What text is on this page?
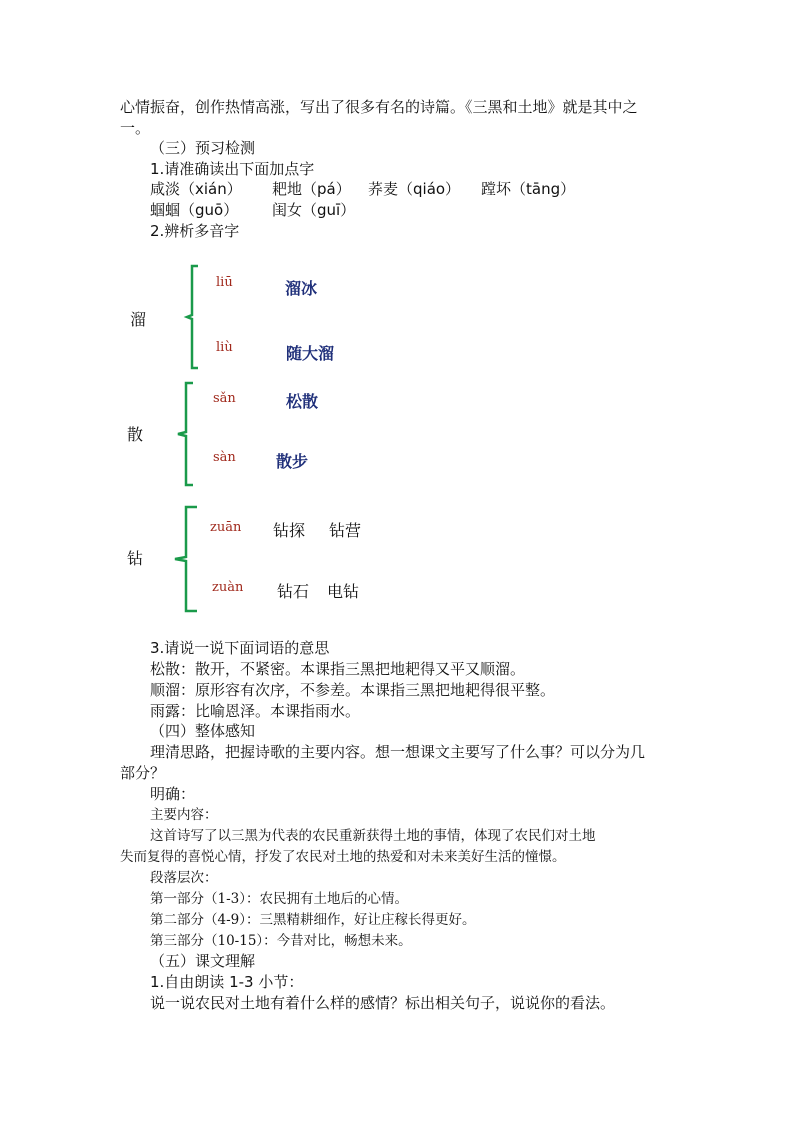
心情振奋，创作热情高涨，写出了很多有名的诗篇。《三黑和土地》就是其中之
一。
（三）预习检测
1.请准确读出下面加点字
咸淡（xián） 耙地（pá） 荞麦（qiáo） 蹚坏（tāng）
蝈蝈（guō） 闺女（guī）
2.辨析多音字
溜
liū	溜冰
liù	随大溜
散
sǎn	松散
sàn	散步
钻
zuān 钻探 钻营
zuàn 钻石 电钻
3.请说一说下面词语的意思
松散：散开，不紧密。本课指三黑把地耙得又平又顺溜。
顺溜：原形容有次序，不参差。本课指三黑把地耙得很平整。
雨露：比喻恩泽。本课指雨水。
（四）整体感知
理清思路，把握诗歌的主要内容。想一想课文主要写了什么事？可以分为几
部分？
明确：
主要内容：
这首诗写了以三黑为代表的农民重新获得土地的事情，体现了农民们对土地
失而复得的喜悦心情，抒发了农民对土地的热爱和对未来美好生活的憧憬。
段落层次：
第一部分（1-3）：农民拥有土地后的心情。
第二部分（4-9）：三黑精耕细作，好让庄稼长得更好。
第三部分（10-15）：今昔对比，畅想未来。
（五）课文理解
1.自由朗读 1-3 小节：
说一说农民对土地有着什么样的感情？标出相关句子，说说你的看法。
